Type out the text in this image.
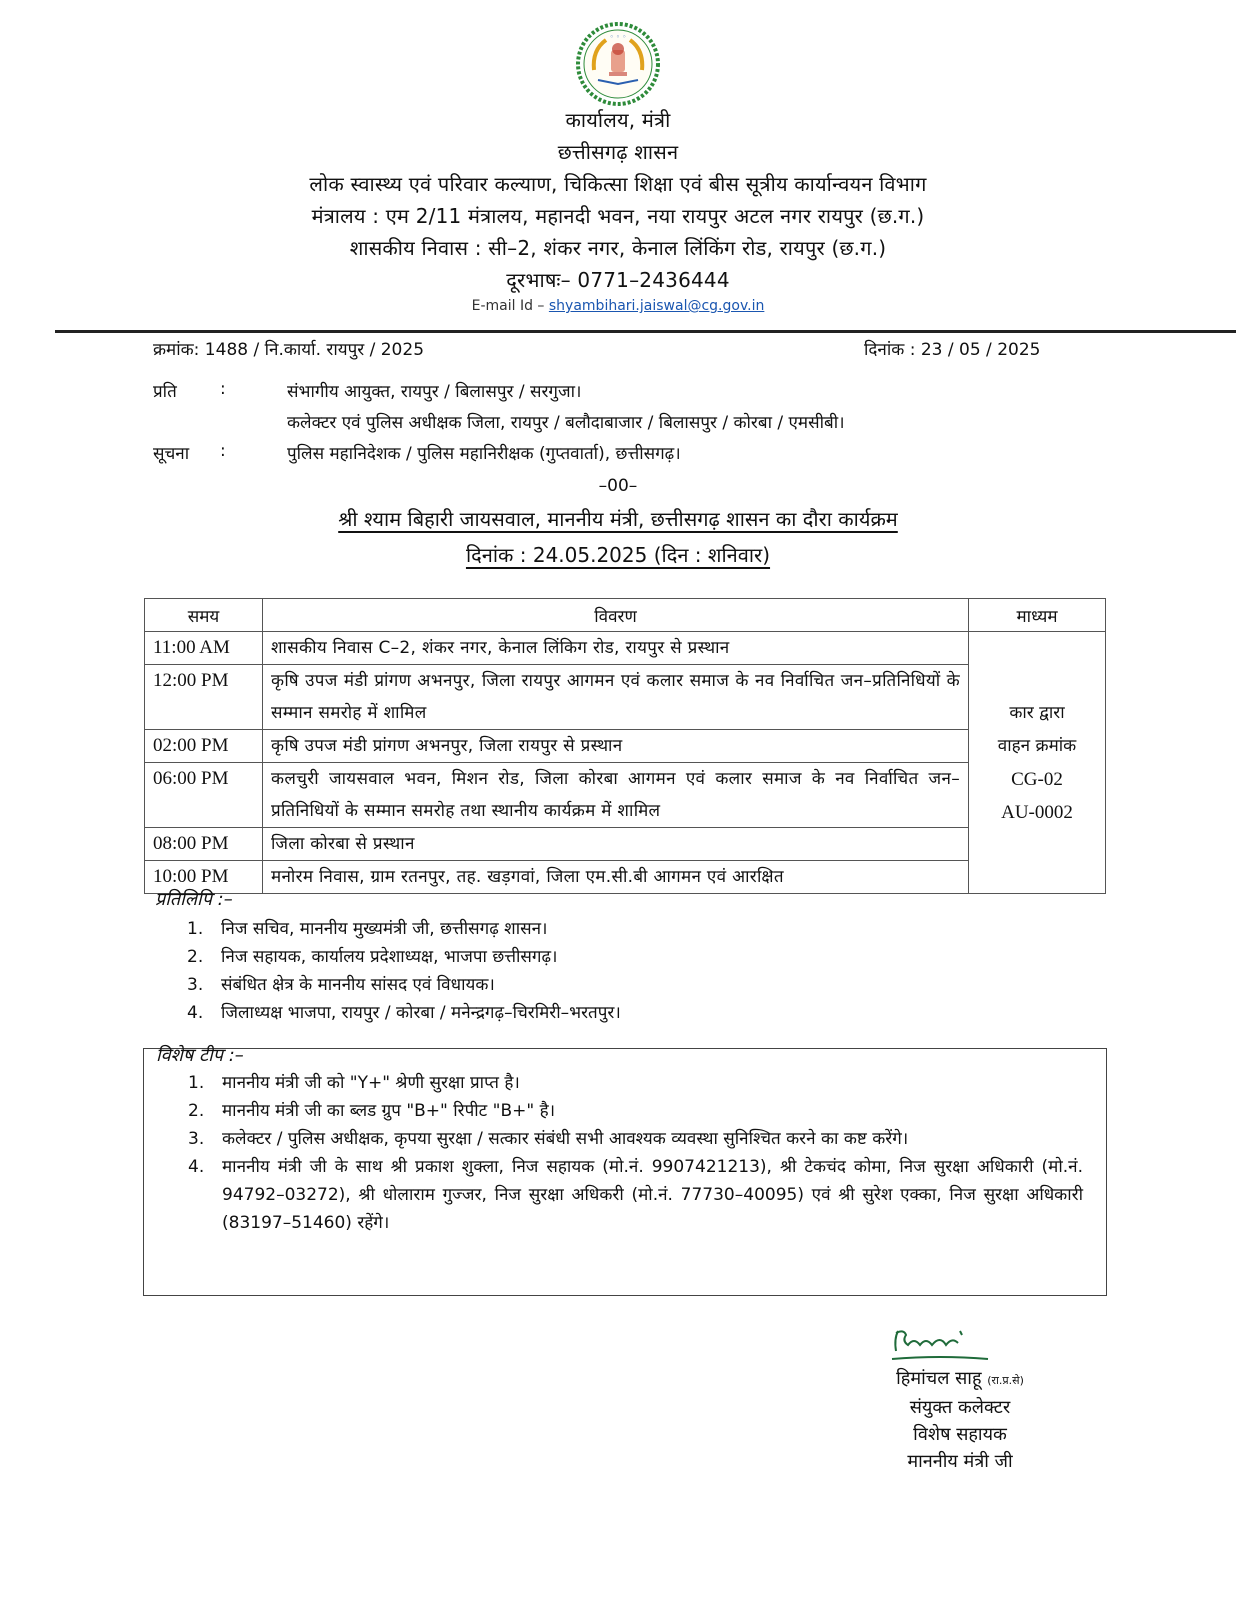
◦ ◦ ◦
कार्यालय, मंत्री
छत्तीसगढ़ शासन
लोक स्वास्थ्य एवं परिवार कल्याण, चिकित्सा शिक्षा एवं बीस सूत्रीय कार्यान्वयन विभाग
मंत्रालय : एम 2/11 मंत्रालय, महानदी भवन, नया रायपुर अटल नगर रायपुर (छ.ग.)
शासकीय निवास : सी–2, शंकर नगर, केनाल लिंकिंग रोड, रायपुर (छ.ग.)
दूरभाषः– 0771–2436444
E-mail Id – shyambihari.jaiswal@cg.gov.in
क्रमांक: 1488 / नि.कार्या. रायपुर / 2025	दिनांक : 23 / 05 / 2025
प्रति	:	संभागीय आयुक्त, रायपुर / बिलासपुर / सरगुजा।
कलेक्टर एवं पुलिस अधीक्षक जिला, रायपुर / बलौदाबाजार / बिलासपुर / कोरबा / एमसीबी।
सूचना :	पुलिस महानिदेशक / पुलिस महानिरीक्षक (गुप्तवार्ता), छत्तीसगढ़।
–00–
श्री श्याम बिहारी जायसवाल, माननीय मंत्री, छत्तीसगढ़ शासन का दौरा कार्यक्रम
दिनांक : 24.05.2025 (दिन : शनिवार)
समय	विवरण	माध्यम
11:00 AM	शासकीय निवास C–2, शंकर नगर, केनाल लिंकिग रोड, रायपुर से प्रस्थान	कार द्वारा
वाहन क्रमांक
CG-02
AU-0002

12:00 PM	कृषि उपज मंडी प्रांगण अभनपुर, जिला रायपुर आगमन एवं कलार समाज के नव निर्वाचित जन–प्रतिनिधियों के सम्मान समरोह में शामिल	
02:00 PM	कृषि उपज मंडी प्रांगण अभनपुर, जिला रायपुर से प्रस्थान	
06:00 PM	कलचुरी जायसवाल भवन, मिशन रोड, जिला कोरबा आगमन एवं कलार समाज के नव निर्वाचित जन–प्रतिनिधियों के सम्मान समरोह तथा स्थानीय कार्यक्रम में शामिल	
08:00 PM	जिला कोरबा से प्रस्थान	
10:00 PM	मनोरम निवास, ग्राम रतनपुर, तह. खड़गवां, जिला एम.सी.बी आगमन एवं आरक्षित	
प्रतिलिपि :–
1. निज सचिव, माननीय मुख्यमंत्री जी, छत्तीसगढ़ शासन।
2. निज सहायक, कार्यालय प्रदेशाध्यक्ष, भाजपा छत्तीसगढ़।
3. संबंधित क्षेत्र के माननीय सांसद एवं विधायक।
4. जिलाध्यक्ष भाजपा, रायपुर / कोरबा / मनेन्द्रगढ़–चिरमिरी–भरतपुर।
विशेष टीप :–
1.	माननीय मंत्री जी को "Y+" श्रेणी सुरक्षा प्राप्त है।
2.	माननीय मंत्री जी का ब्लड ग्रुप "B+" रिपीट "B+" है।
3.	कलेक्टर / पुलिस अधीक्षक, कृपया सुरक्षा / सत्कार संबंधी सभी आवश्यक व्यवस्था सुनिश्चित करने का कष्ट करेंगे।
4.	माननीय मंत्री जी के साथ श्री प्रकाश शुक्ला, निज सहायक (मो.नं. 9907421213), श्री टेकचंद कोमा, निज सुरक्षा अधिकारी (मो.नं. 94792–03272), श्री धोलाराम गुज्जर, निज सुरक्षा अधिकरी (मो.नं. 77730–40095) एवं श्री सुरेश एक्का, निज सुरक्षा अधिकारी (83197–51460) रहेंगे।
हिमांचल साहू (रा.प्र.से)
संयुक्त कलेक्टर
विशेष सहायक
माननीय मंत्री जी
